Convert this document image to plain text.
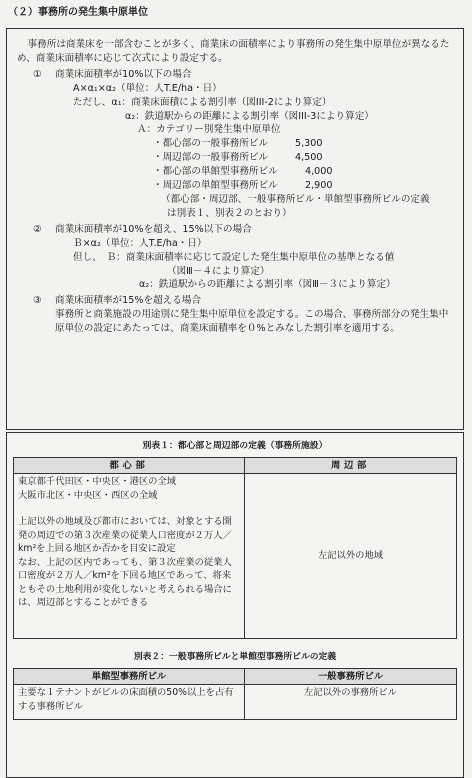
（２）事務所の発生集中原単位

事務所は商業床を一部含むことが多く、商業床の面積率により事務所の発生集中原単位が異なるため、商業床面積率に応じて次式により設定する。

① 商業床面積率が10%以下の場合

A×α₁×α₂（単位：人T.E/ha・日）

ただし、α₁：商業床面積による割引率（図III-2により算定）

α₂：鉄道駅からの距離による割引率（図III-3により算定）

Ａ：カテゴリー別発生集中原単位

・都心部の一般事務所ビル	5,300

・周辺部の一般事務所ビル	4,500

・都心部の単館型事務所ビル	4,000

・周辺部の単館型事務所ビル	2,900

（都心部・周辺部、一般事務所ビル・単館型事務所ビルの定義

は別表１、別表２のとおり）

② 商業床面積率が10%を超え、15%以下の場合

Ｂ×α₂（単位：人T.E/ha・日）

但し、　Ｂ：商業床面積率に応じて設定した発生集中原単位の基準となる値

（図Ⅲ－４により算定）

α₂：鉄道駅からの距離による割引率（図Ⅲ－３により算定）

③ 商業床面積率が15%を超える場合

事務所と商業施設の用途別に発生集中原単位を設定する。この場合、事務所部分の発生集中原単位の設定にあたっては、商業床面積率を０%とみなした割引率を適用する。

別表１：都心部と周辺部の定義（事務所施設）
都心部	周辺部

東京都千代田区・中央区・港区の全域
大阪市北区・中央区・西区の全域
上記以外の地域及び都市においては、対象とする開発の周辺での第３次産業の従業人口密度が２万人／km²を上回る地区か否かを目安に設定
なお、上記の区内であっても、第３次産業の従業人口密度が２万人／km²を下回る地区であって、将来ともその土地利用が変化しないと考えられる場合には、周辺部とすることができる	左記以外の地域
別表２：一般事務所ビルと単館型事務所ビルの定義
単館型事務所ビル	一般事務所ビル
主要な１テナントがビルの床面積の50%以上を占有する事務所ビル	左記以外の事務所ビル
